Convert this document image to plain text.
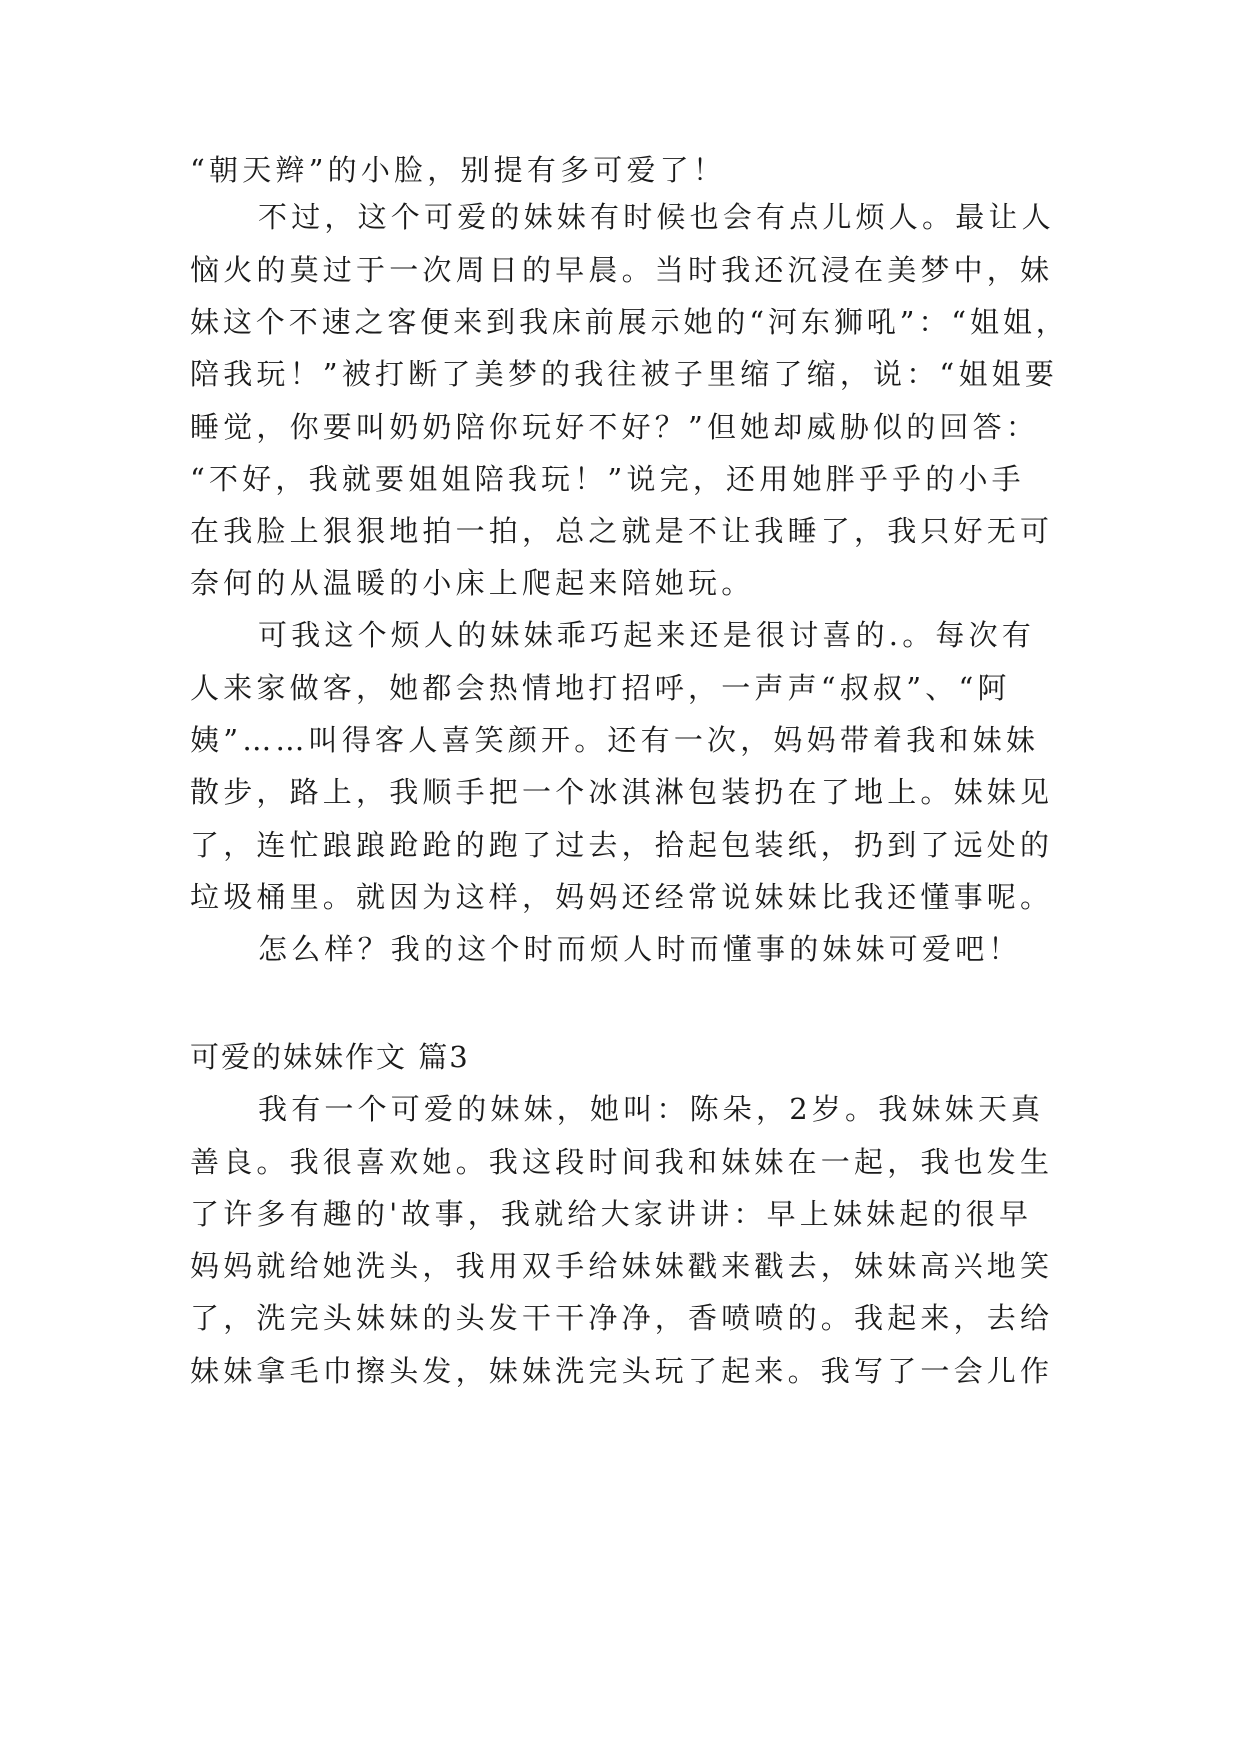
“朝天辫”的小脸，别提有多可爱了！
不过，这个可爱的妹妹有时候也会有点儿烦人。最让人
恼火的莫过于一次周日的早晨。当时我还沉浸在美梦中，妹
妹这个不速之客便来到我床前展示她的“河东狮吼”：“姐姐，
陪我玩！”被打断了美梦的我往被子里缩了缩，说：“姐姐要
睡觉，你要叫奶奶陪你玩好不好？”但她却威胁似的回答：
“不好，我就要姐姐陪我玩！”说完，还用她胖乎乎的小手
在我脸上狠狠地拍一拍，总之就是不让我睡了，我只好无可
奈何的从温暖的小床上爬起来陪她玩。
可我这个烦人的妹妹乖巧起来还是很讨喜的.。每次有
人来家做客，她都会热情地打招呼，一声声“叔叔”、“阿
姨”……叫得客人喜笑颜开。还有一次，妈妈带着我和妹妹
散步，路上，我顺手把一个冰淇淋包装扔在了地上。妹妹见
了，连忙踉踉跄跄的跑了过去，拾起包装纸，扔到了远处的
垃圾桶里。就因为这样，妈妈还经常说妹妹比我还懂事呢。
怎么样？我的这个时而烦人时而懂事的妹妹可爱吧！
可爱的妹妹作文 篇3
我有一个可爱的妹妹，她叫：陈朵，2岁。我妹妹天真
善良。我很喜欢她。我这段时间我和妹妹在一起，我也发生
了许多有趣的'故事，我就给大家讲讲：早上妹妹起的很早
妈妈就给她洗头，我用双手给妹妹戳来戳去，妹妹高兴地笑
了，洗完头妹妹的头发干干净净，香喷喷的。我起来，去给
妹妹拿毛巾擦头发，妹妹洗完头玩了起来。我写了一会儿作
